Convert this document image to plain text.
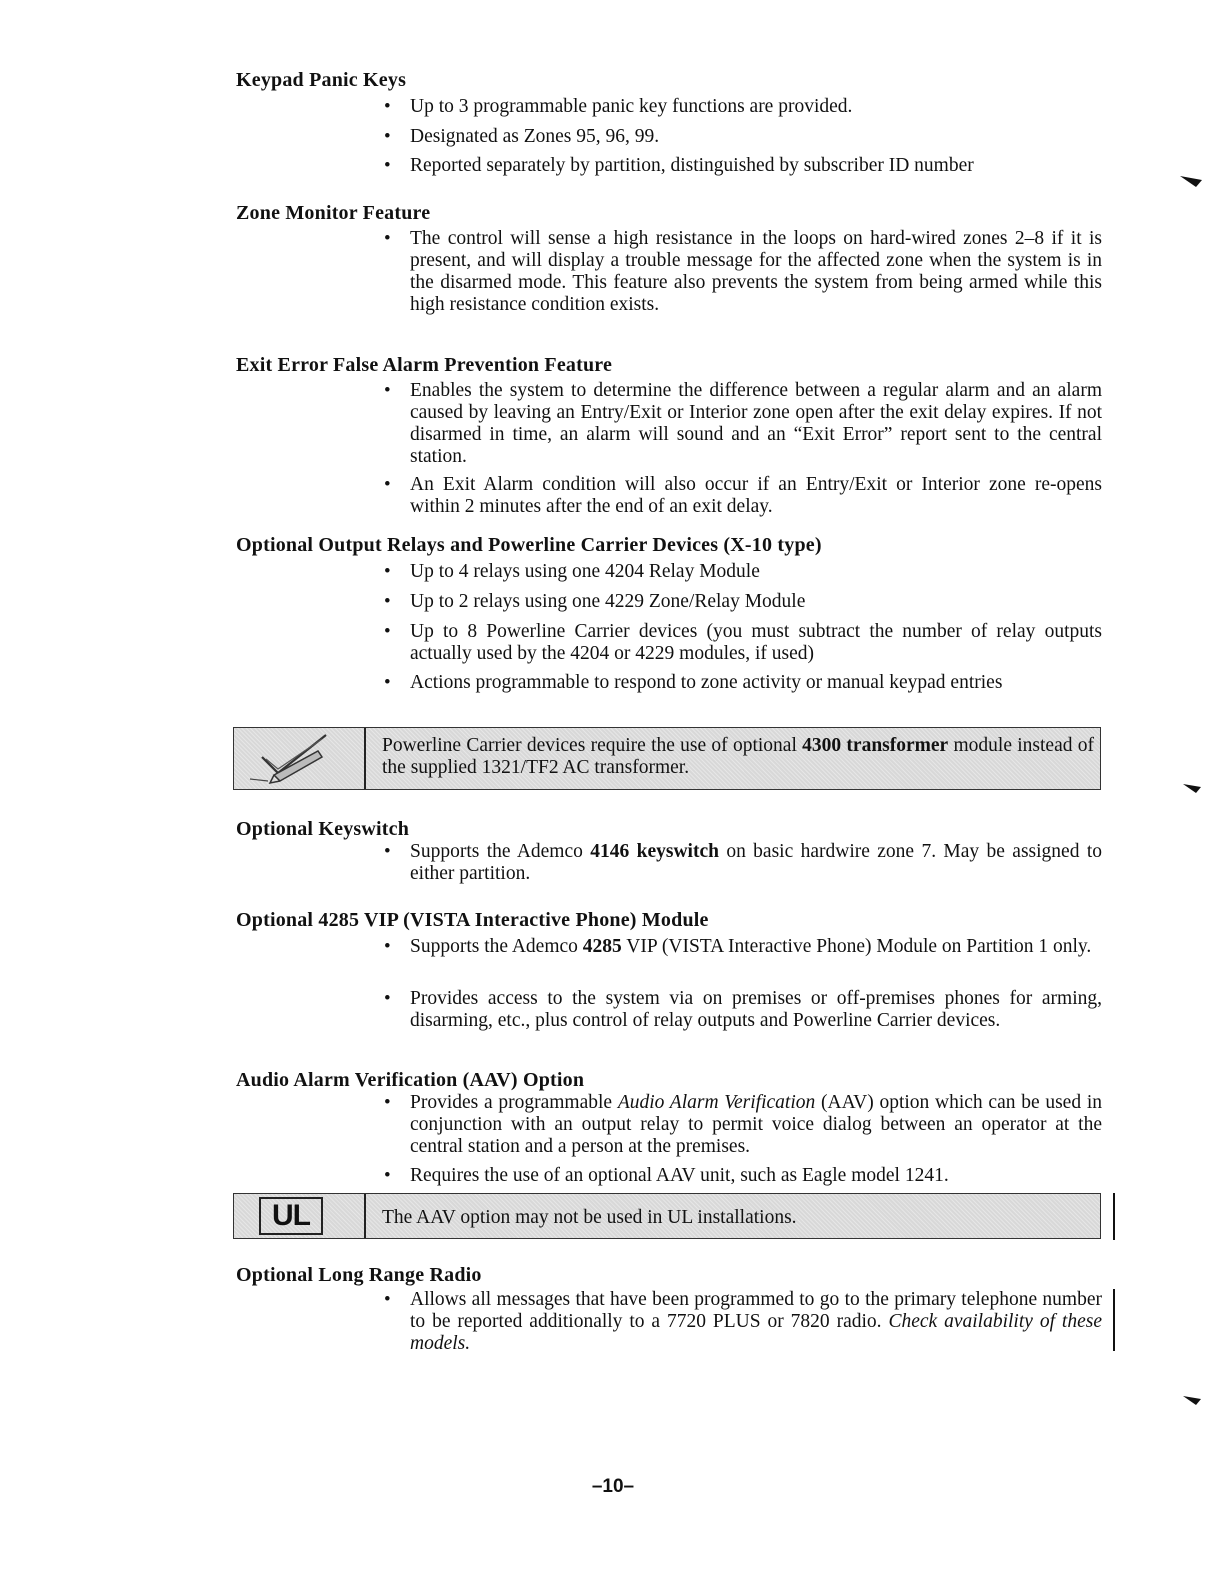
Keypad Panic Keys
• Up to 3 programmable panic key functions are provided.
• Designated as Zones 95, 96, 99.
• Reported separately by partition, distinguished by subscriber ID number
Zone Monitor Feature
• The control will sense a high resistance in the loops on hard-wired zones 2–8 if it is present, and will display a trouble message for the affected zone when the system is in the disarmed mode. This feature also prevents the system from being armed while this high resistance condition exists.
Exit Error False Alarm Prevention Feature
• Enables the system to determine the difference between a regular alarm and an alarm caused by leaving an Entry/Exit or Interior zone open after the exit delay expires. If not disarmed in time, an alarm will sound and an “Exit Error” report sent to the central station.
• An Exit Alarm condition will also occur if an Entry/Exit or Interior zone re-opens within 2 minutes after the end of an exit delay.
Optional Output Relays and Powerline Carrier Devices (X-10 type)
• Up to 4 relays using one 4204 Relay Module
• Up to 2 relays using one 4229 Zone/Relay Module
• Up to 8 Powerline Carrier devices (you must subtract the number of relay outputs actually used by the 4204 or 4229 modules, if used)
• Actions programmable to respond to zone activity or manual keypad entries
Powerline Carrier devices require the use of optional 4300 transformer module instead of the supplied 1321/TF2 AC transformer.
Optional Keyswitch
• Supports the Ademco 4146 keyswitch on basic hardwire zone 7. May be assigned to either partition.
Optional 4285 VIP (VISTA Interactive Phone) Module
• Supports the Ademco 4285 VIP (VISTA Interactive Phone) Module on Partition 1 only.
• Provides access to the system via on premises or off-premises phones for arming, disarming, etc., plus control of relay outputs and Powerline Carrier devices.
Audio Alarm Verification (AAV) Option
• Provides a programmable Audio Alarm Verification (AAV) option which can be used in conjunction with an output relay to permit voice dialog between an operator at the central station and a person at the premises.
• Requires the use of an optional AAV unit, such as Eagle model 1241.
UL	The AAV option may not be used in UL installations.
Optional Long Range Radio
• Allows all messages that have been programmed to go to the primary telephone number to be reported additionally to a 7720 PLUS or 7820 radio. Check availability of these models.
–10–
